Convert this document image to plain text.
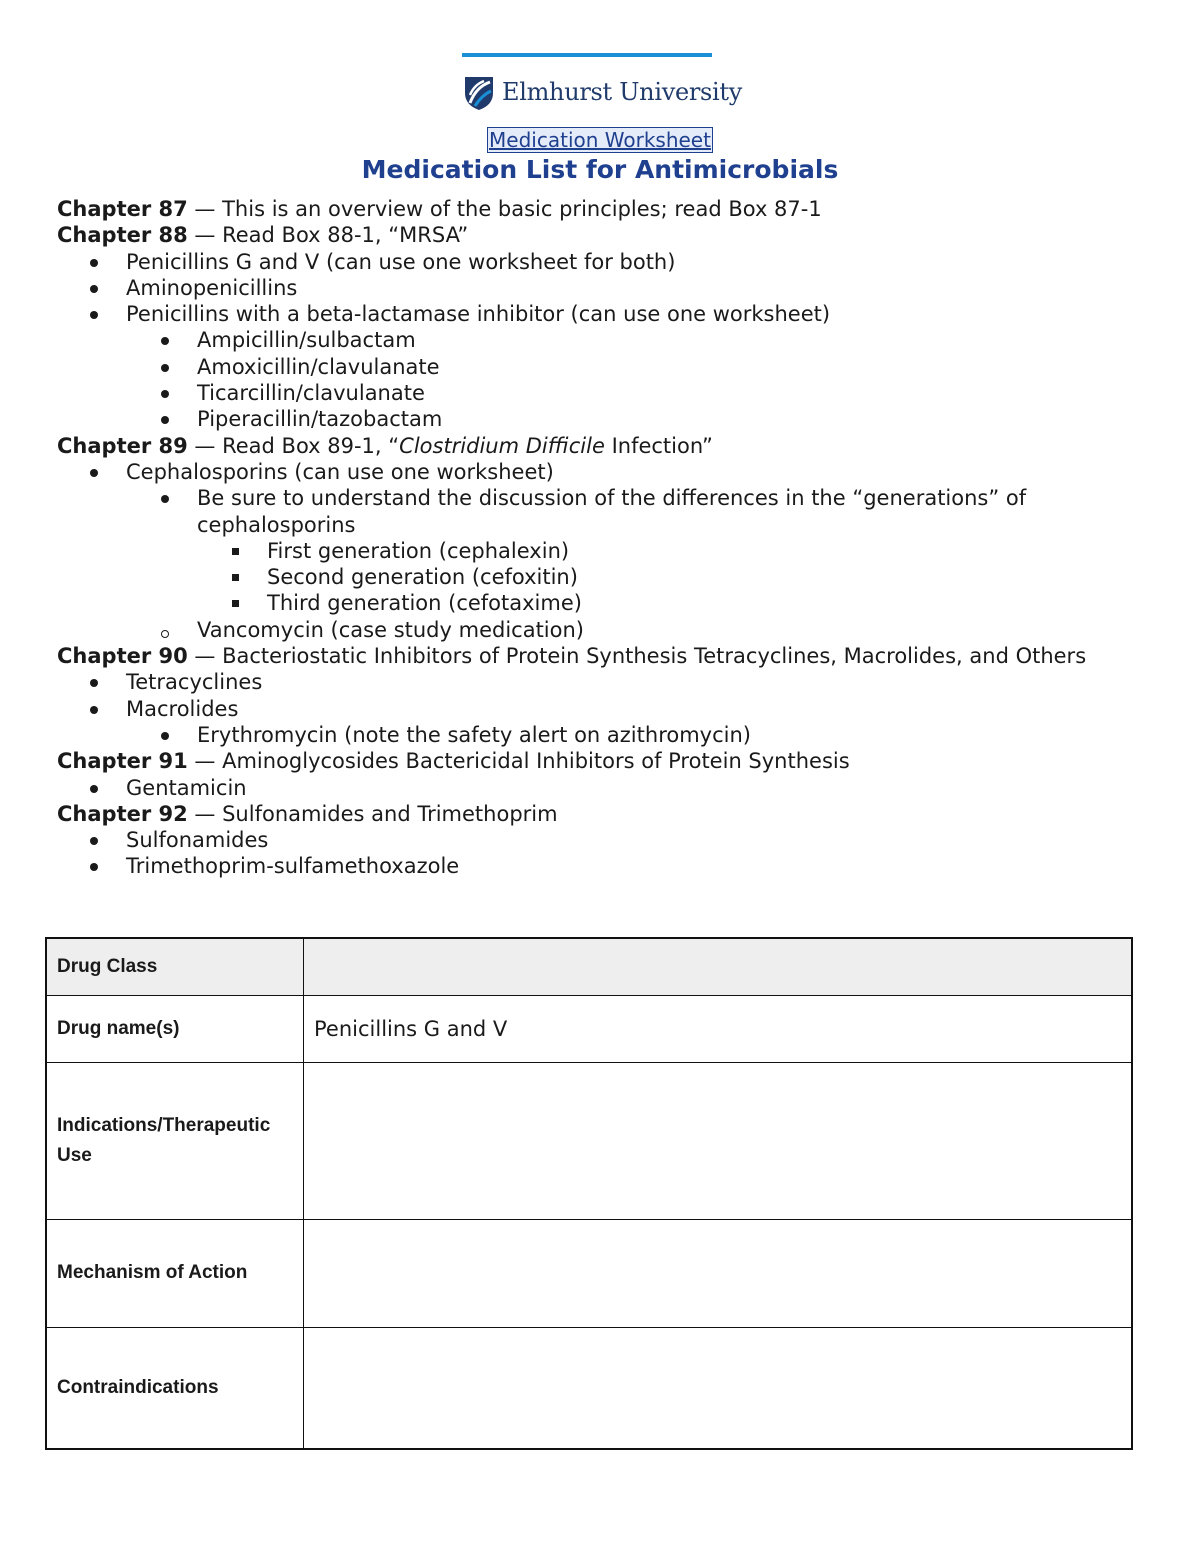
Elmhurst University
Medication Worksheet
Medication List for Antimicrobials
Chapter 87 — This is an overview of the basic principles; read Box 87-1
Chapter 88 — Read Box 88-1, “MRSA”
Penicillins G and V (can use one worksheet for both)
Aminopenicillins
Penicillins with a beta-lactamase inhibitor (can use one worksheet)
Ampicillin/sulbactam
Amoxicillin/clavulanate
Ticarcillin/clavulanate
Piperacillin/tazobactam
Chapter 89 — Read Box 89-1, “Clostridium Difficile Infection”
Cephalosporins (can use one worksheet)
Be sure to understand the discussion of the differences in the “generations” of cephalosporins
First generation (cephalexin)
Second generation (cefoxitin)
Third generation (cefotaxime)
Vancomycin (case study medication)
Chapter 90 — Bacteriostatic Inhibitors of Protein Synthesis Tetracyclines, Macrolides, and Others
Tetracyclines
Macrolides
Erythromycin (note the safety alert on azithromycin)
Chapter 91 — Aminoglycosides Bactericidal Inhibitors of Protein Synthesis
Gentamicin
Chapter 92 — Sulfonamides and Trimethoprim
Sulfonamides
Trimethoprim-sulfamethoxazole
Drug Class	
Drug name(s)	Penicillins G and V
Indications/Therapeutic Use	
Mechanism of Action	
Contraindications	
